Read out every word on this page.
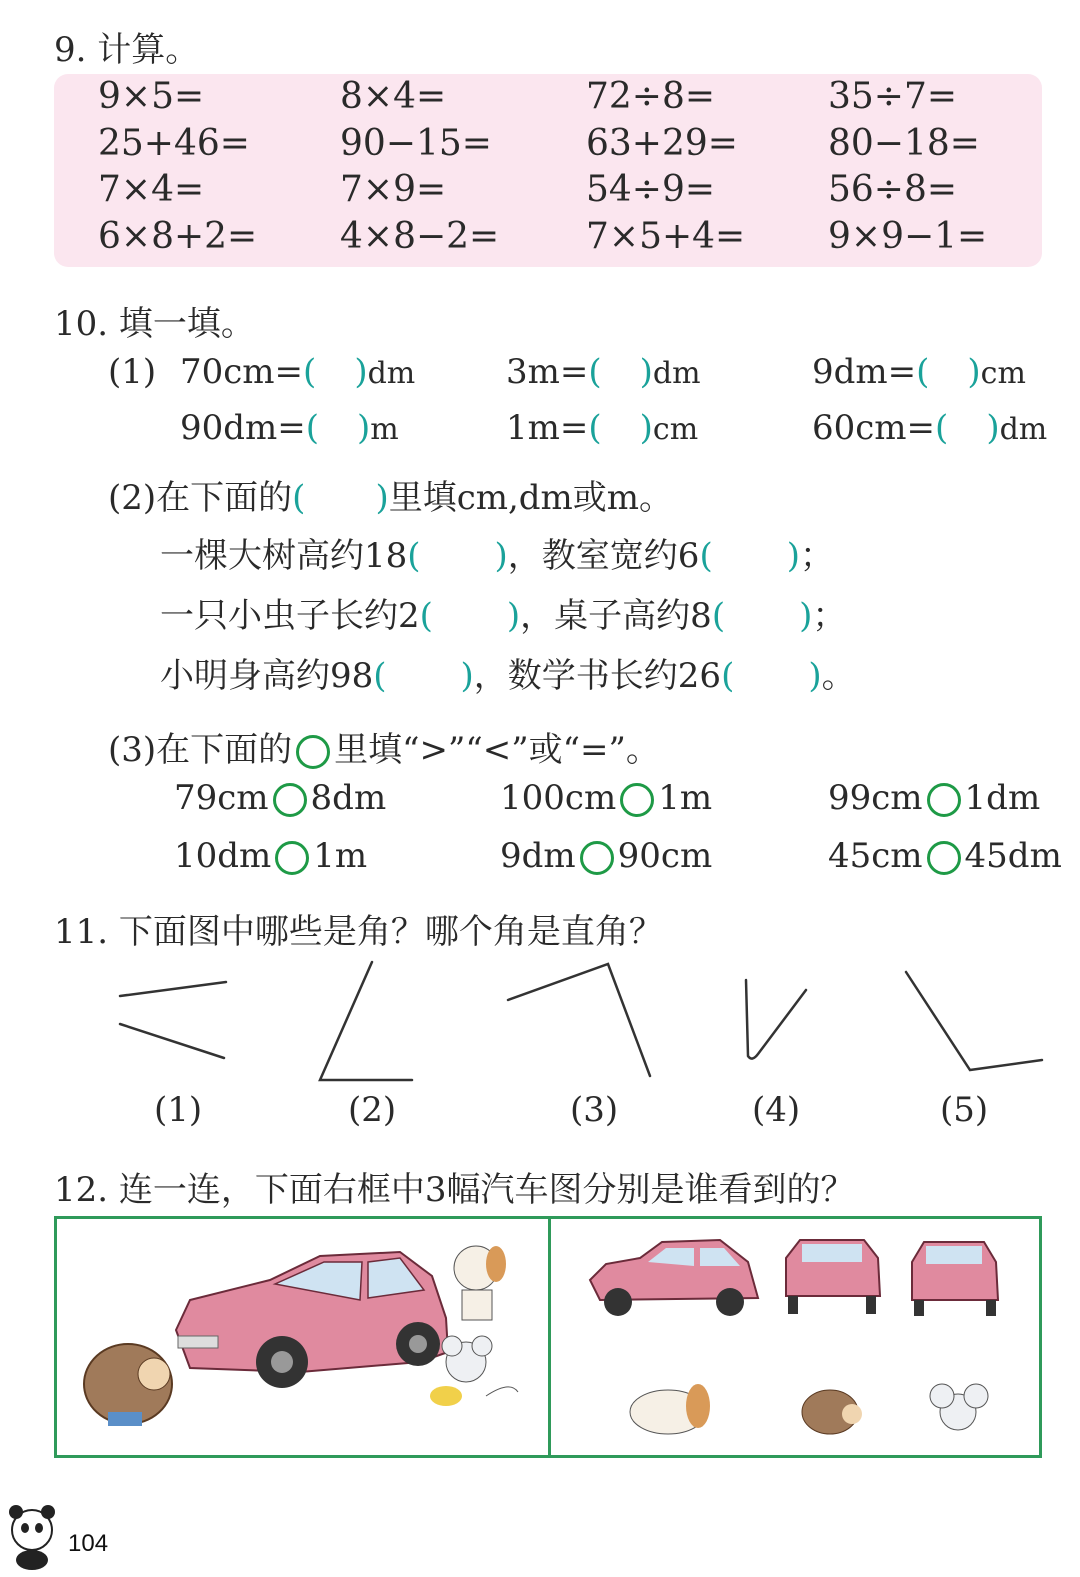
9. 计算。
9×5=	8×4=	72÷8=	35÷7=
25+46=	90−15=	63+29=	80−18=
7×4=	7×9=	54÷9=	56÷8=
6×8+2= 4×8−2= 7×5+4= 9×9−1=
10. 填一填。
(1) 70cm=( )dm	3m=( )dm	9dm=( )cm
90dm=( )m	1m=( )cm	60cm=( )dm
(2)在下面的( )里填cm,dm或m。
一棵大树高约18( )，教室宽约6( )；
一只小虫子长约2( )，桌子高约8( )；
小明身高约98( )，数学书长约26( )。
(3)在下面的 里填“>”“<”或“=”。
79cm 8dm	100cm 1m	99cm 1dm
10dm 1m	9dm 90cm	45cm 45dm
11. 下面图中哪些是角？哪个角是直角？
(1)	(2)	(3)	(4)	(5)
12. 连一连，下面右框中3幅汽车图分别是谁看到的？
104
